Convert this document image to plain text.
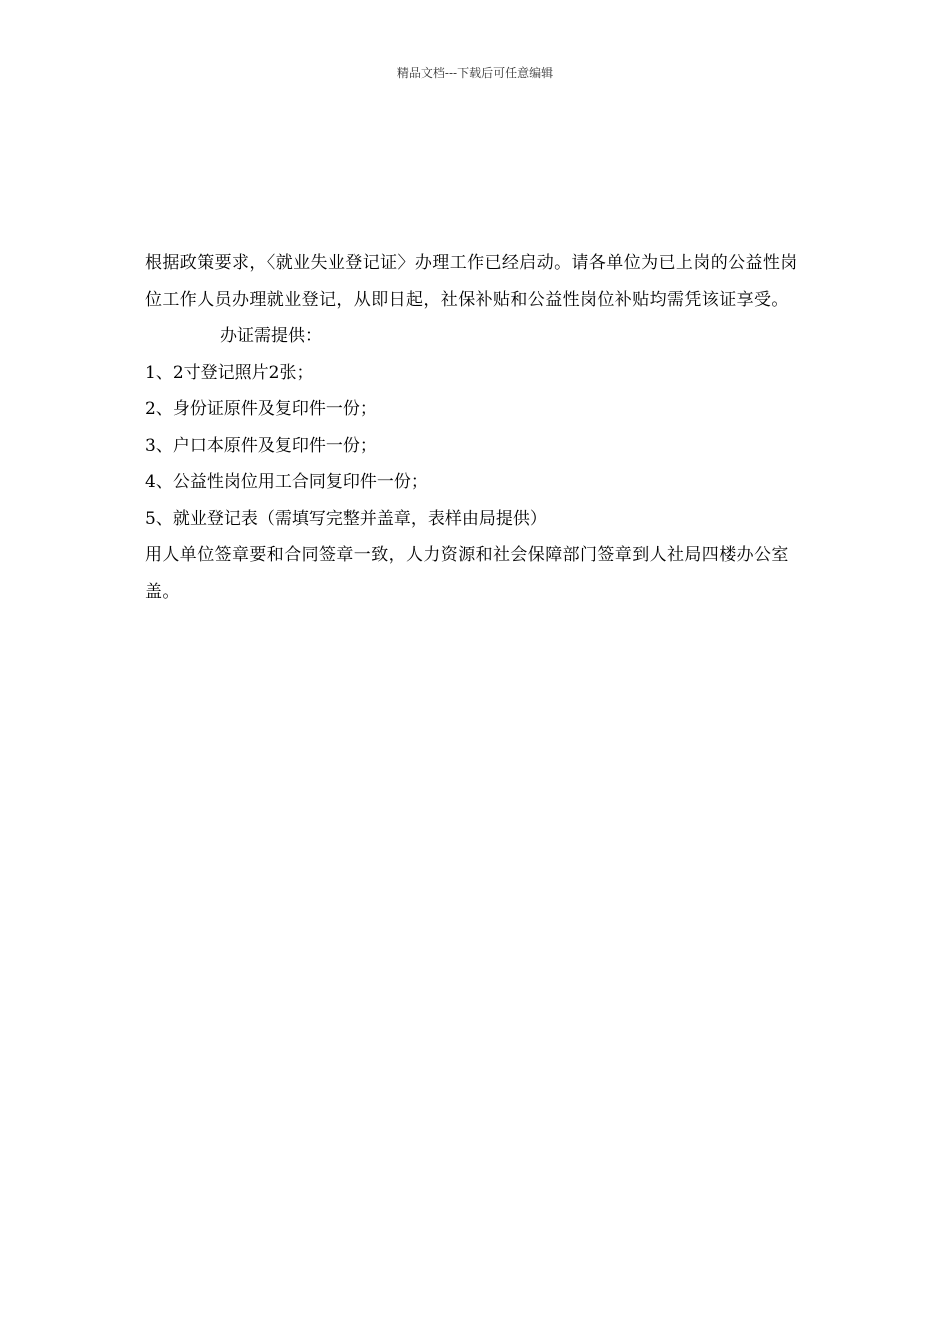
精品文档---下载后可任意编辑

根据政策要求，〈就业失业登记证〉办理工作已经启动。请各单位为已上岗的公益性岗位工作人员办理就业登记，从即日起，社保补贴和公益性岗位补贴均需凭该证享受。

办证需提供：

1、2寸登记照片2张；

2、身份证原件及复印件一份；

3、户口本原件及复印件一份；

4、公益性岗位用工合同复印件一份；

5、就业登记表（需填写完整并盖章，表样由局提供）

用人单位签章要和合同签章一致，人力资源和社会保障部门签章到人社局四楼办公室盖。
